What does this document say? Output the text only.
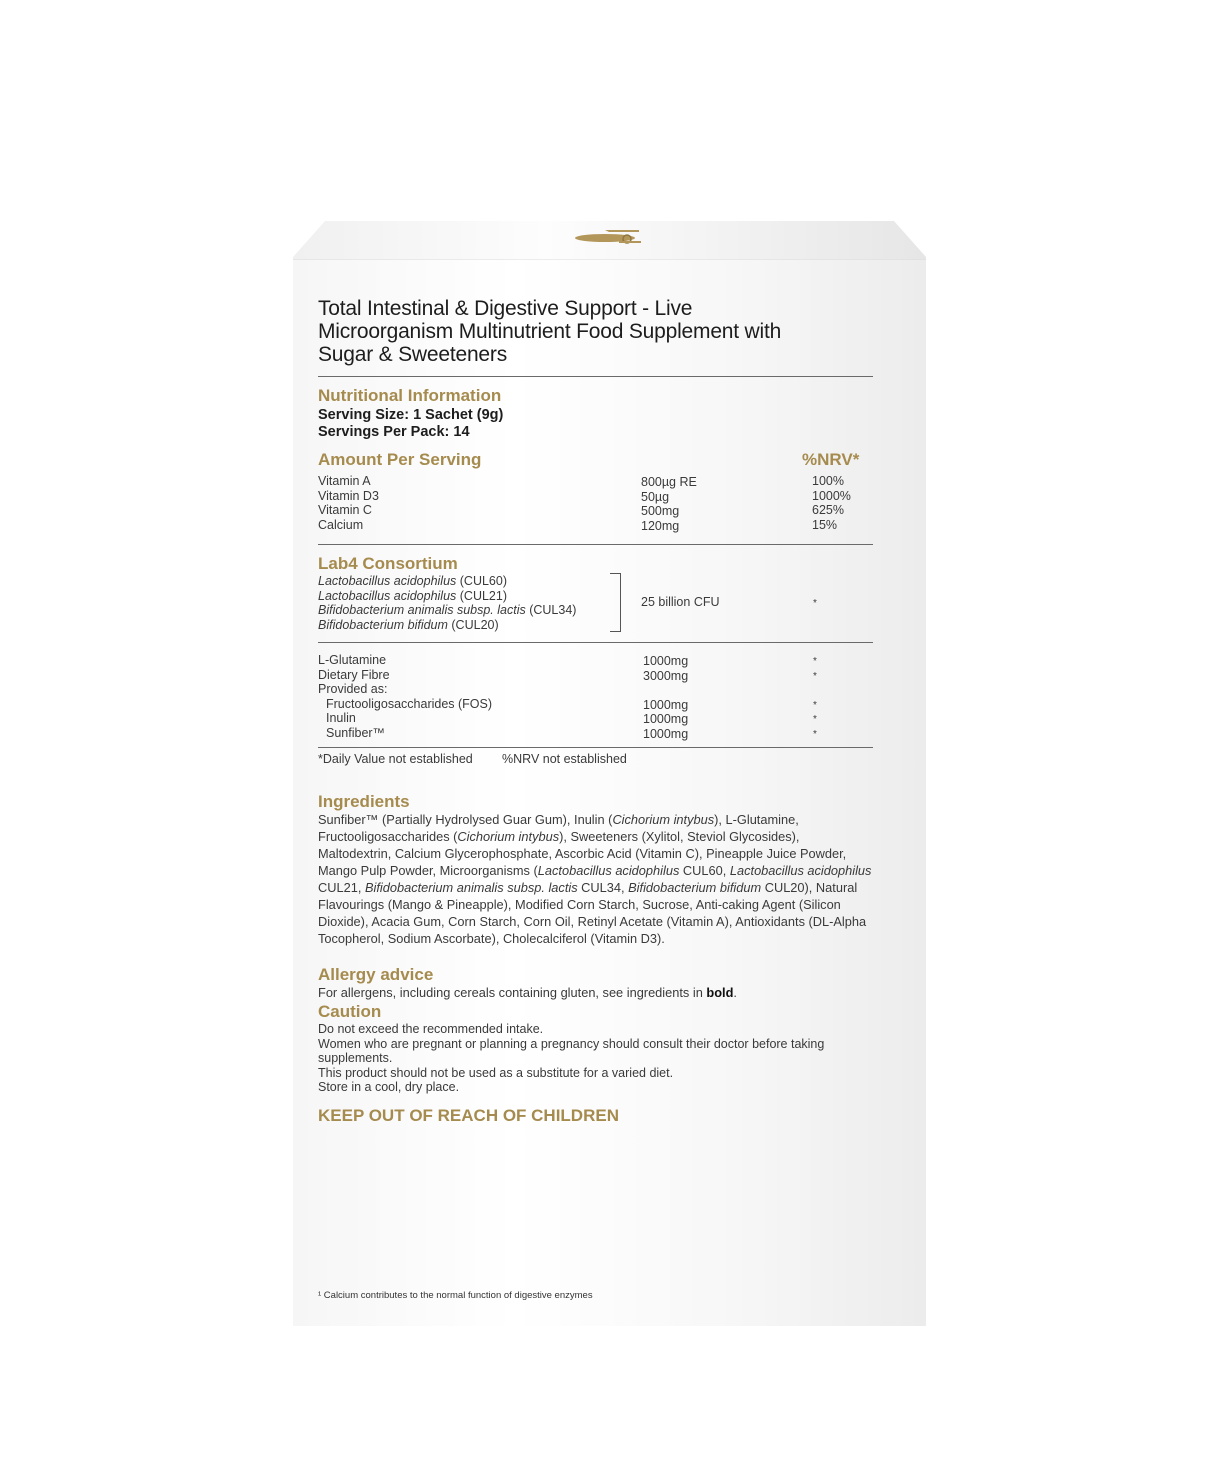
Total Intestinal & Digestive Support - Live
Microorganism Multinutrient Food Supplement with
Sugar & Sweeteners
Nutritional Information
Serving Size: 1 Sachet (9g)
Servings Per Pack: 14
Amount Per Serving	%NRV*
Vitamin A
Vitamin D3
Vitamin C
Calcium
800µg RE
50µg
500mg
120mg
100%
1000%
625%
15%
Lab4 Consortium
Lactobacillus acidophilus (CUL60)
Lactobacillus acidophilus (CUL21)
Bifidobacterium animalis subsp. lactis (CUL34)
Bifidobacterium bifidum (CUL20)
25 billion CFU	*
L-Glutamine
Dietary Fibre
Provided as:
Fructooligosaccharides (FOS)
Inulin
Sunfiber™
1000mg
3000mg
1000mg
1000mg
1000mg
*
*
*
*
*
*Daily Value not established %NRV not established
Ingredients
Sunfiber™ (Partially Hydrolysed Guar Gum), Inulin (Cichorium intybus), L-Glutamine, Fructooligosaccharides (Cichorium intybus), Sweeteners (Xylitol, Steviol Glycosides), Maltodextrin, Calcium Glycerophosphate, Ascorbic Acid (Vitamin C), Pineapple Juice Powder, Mango Pulp Powder, Microorganisms (Lactobacillus acidophilus CUL60, Lactobacillus acidophilus CUL21, Bifidobacterium animalis subsp. lactis CUL34, Bifidobacterium bifidum CUL20), Natural Flavourings (Mango & Pineapple), Modified Corn Starch, Sucrose, Anti-caking Agent (Silicon Dioxide), Acacia Gum, Corn Starch, Corn Oil, Retinyl Acetate (Vitamin A), Antioxidants (DL-Alpha Tocopherol, Sodium Ascorbate), Cholecalciferol (Vitamin D3).
Allergy advice
For allergens, including cereals containing gluten, see ingredients in bold.
Caution
Do not exceed the recommended intake.
Women who are pregnant or planning a pregnancy should consult their doctor before taking
supplements.
This product should not be used as a substitute for a varied diet.
Store in a cool, dry place.
KEEP OUT OF REACH OF CHILDREN
¹ Calcium contributes to the normal function of digestive enzymes
